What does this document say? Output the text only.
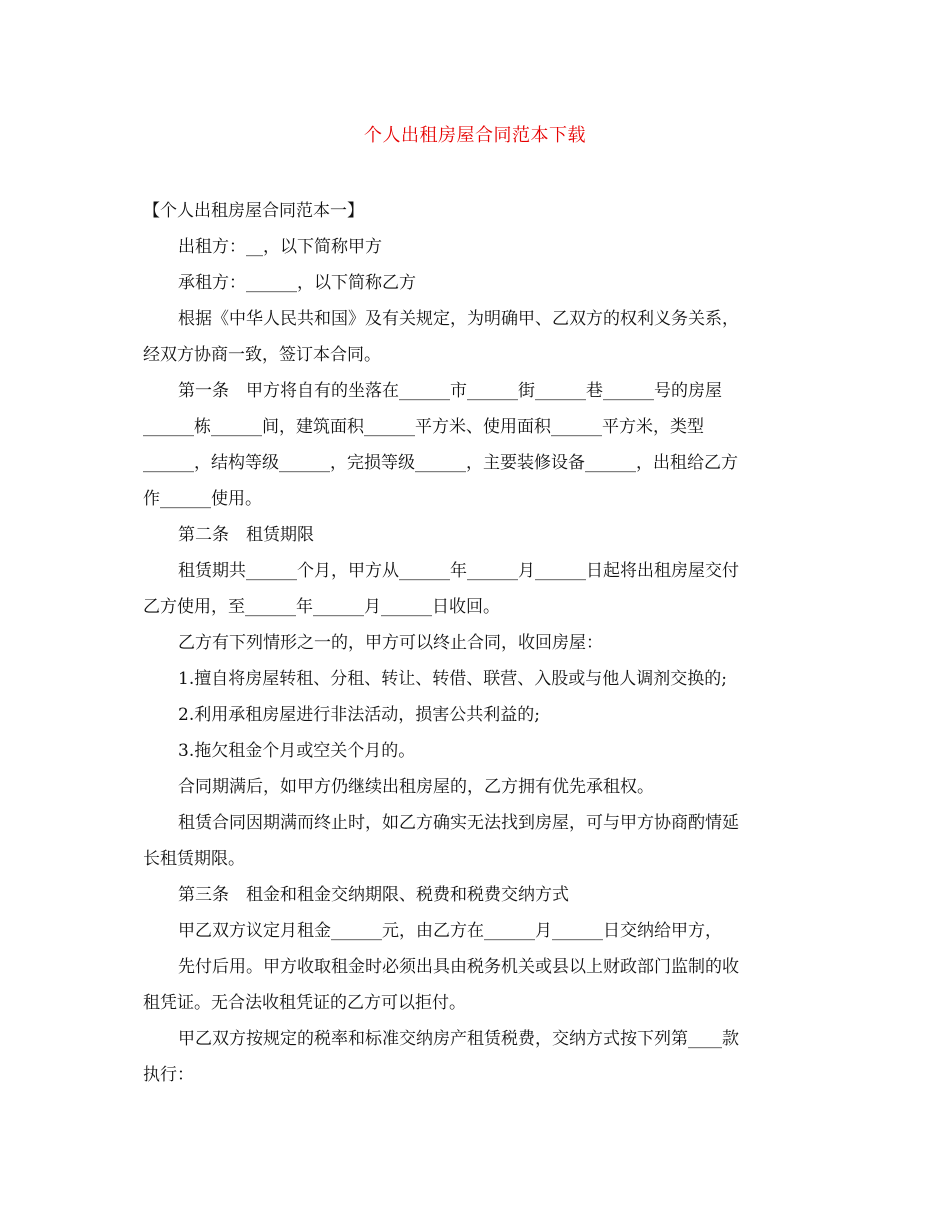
个人出租房屋合同范本下载
【个人出租房屋合同范本一】
出租方：__，以下简称甲方
承租方：______，以下简称乙方
根据《中华人民共和国》及有关规定，为明确甲、乙双方的权利义务关系，
经双方协商一致，签订本合同。
第一条　甲方将自有的坐落在______市______街______巷______号的房屋
______栋______间，建筑面积______平方米、使用面积______平方米，类型
______，结构等级______，完损等级______，主要装修设备______，出租给乙方
作______使用。
第二条　租赁期限
租赁期共______个月，甲方从______年______月______日起将出租房屋交付
乙方使用，至______年______月______日收回。
乙方有下列情形之一的，甲方可以终止合同，收回房屋：
1.擅自将房屋转租、分租、转让、转借、联营、入股或与他人调剂交换的;
2.利用承租房屋进行非法活动，损害公共利益的;
3.拖欠租金个月或空关个月的。
合同期满后，如甲方仍继续出租房屋的，乙方拥有优先承租权。
租赁合同因期满而终止时，如乙方确实无法找到房屋，可与甲方协商酌情延
长租赁期限。
第三条　租金和租金交纳期限、税费和税费交纳方式
甲乙双方议定月租金______元，由乙方在______月______日交纳给甲方，
先付后用。甲方收取租金时必须出具由税务机关或县以上财政部门监制的收
租凭证。无合法收租凭证的乙方可以拒付。
甲乙双方按规定的税率和标准交纳房产租赁税费，交纳方式按下列第____款
执行：
